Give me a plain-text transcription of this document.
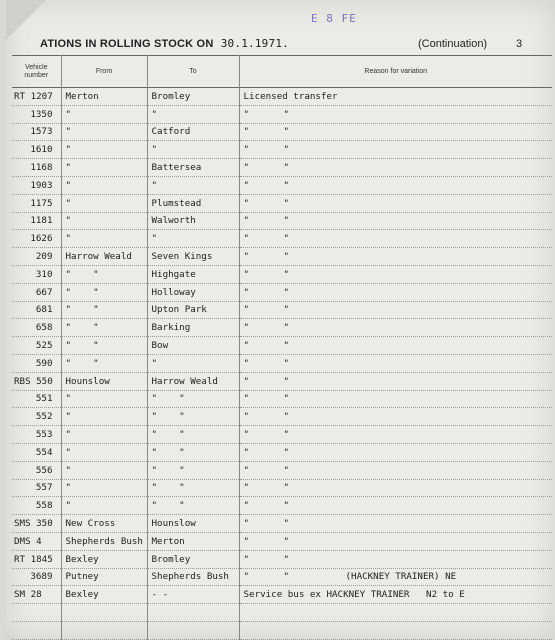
E 8 FE
ATIONS IN ROLLING STOCK ON 30.1.1971.	(Continuation)	3
Vehicle
number	From	To	Reason for variation
RT 1207	Merton	Bromley	Licensed transfer
1350	"	"	" "
1573	"	Catford	" "
1610	"	"	" "
1168	"	Battersea	" "
1903	"	"	" "
1175	"	Plumstead	" "
1181	"	Walworth	" "
1626	"	"	" "
209	Harrow Weald	Seven Kings	" "
310	"    "	Highgate	" "
667	"    "	Holloway	" "
681	"    "	Upton Park	" "
658	"    "	Barking	" "
525	"    "	Bow	" "
590	"    "	"	" "
RBS 550	Hounslow	Harrow Weald	" "
551	"	"    "	" "
552	"	"    "	" "
553	"	"    "	" "
554	"	"    "	" "
556	"	"    "	" "
557	"	"    "	" "
558	"	"    "	" "
SMS 350	New Cross	Hounslow	" "
DMS 4	Shepherds Bush	Merton	" "
RT 1845	Bexley	Bromley	" "
3689	Putney	Shepherds Bush	" " (HACKNEY TRAINER) NE
SM 28	Bexley	- -	Service bus ex HACKNEY TRAINER   N2 to E
